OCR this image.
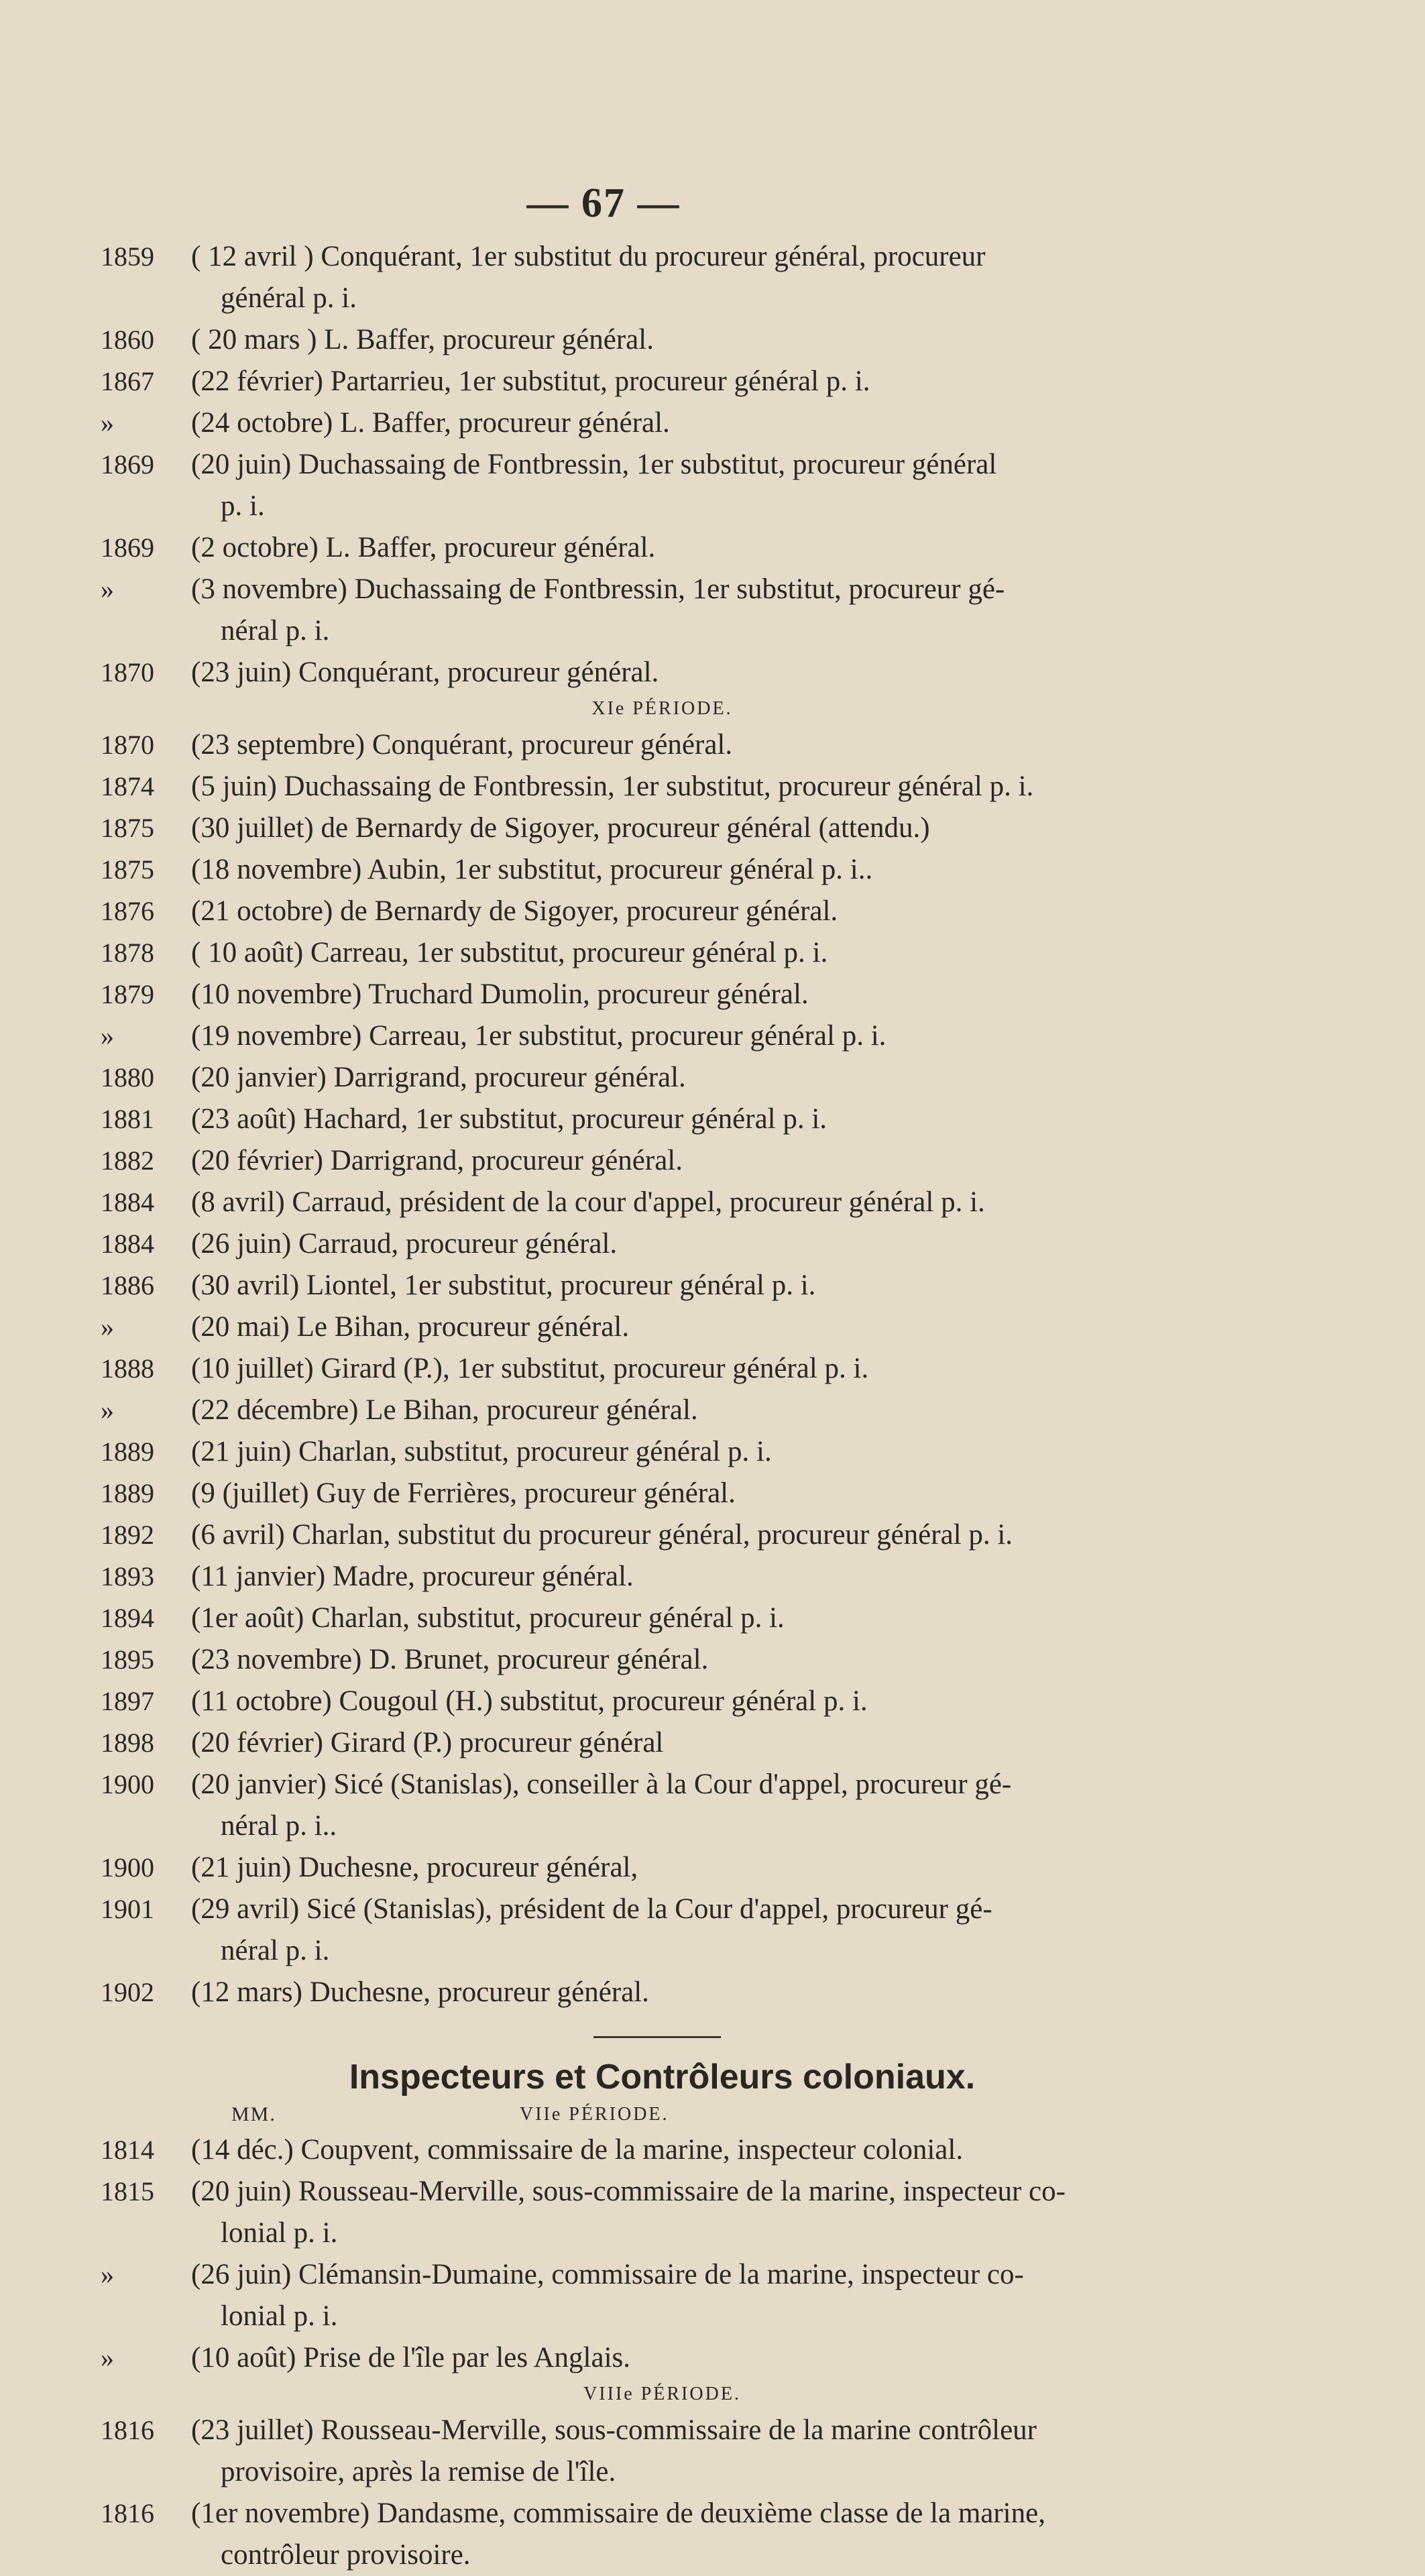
— 67 —
1859	( 12 avril ) Conquérant, 1er substitut du procureur général, procureur
général p. i.
1860	( 20 mars ) L. Baffer, procureur général.
1867	(22 février) Partarrieu, 1er substitut, procureur général p. i.
»	(24 octobre) L. Baffer, procureur général.
1869	(20 juin) Duchassaing de Fontbressin, 1er substitut, procureur général
p. i.
1869	(2 octobre) L. Baffer, procureur général.
»	(3 novembre) Duchassaing de Fontbressin, 1er substitut, procureur gé-
néral p. i.
1870	(23 juin) Conquérant, procureur général.
XIe PÉRIODE.
1870	(23 septembre) Conquérant, procureur général.
1874	(5 juin) Duchassaing de Fontbressin, 1er substitut, procureur général p. i.
1875	(30 juillet) de Bernardy de Sigoyer, procureur général (attendu.)
1875	(18 novembre) Aubin, 1er substitut, procureur général p. i..
1876	(21 octobre) de Bernardy de Sigoyer, procureur général.
1878	( 10 août) Carreau, 1er substitut, procureur général p. i.
1879	(10 novembre) Truchard Dumolin, procureur général.
»	(19 novembre) Carreau, 1er substitut, procureur général p. i.
1880	(20 janvier) Darrigrand, procureur général.
1881	(23 août) Hachard, 1er substitut, procureur général p. i.
1882	(20 février) Darrigrand, procureur général.
1884	(8 avril) Carraud, président de la cour d'appel, procureur général p. i.
1884	(26 juin) Carraud, procureur général.
1886	(30 avril) Liontel, 1er substitut, procureur général p. i.
»	(20 mai) Le Bihan, procureur général.
1888	(10 juillet) Girard (P.), 1er substitut, procureur général p. i.
»	(22 décembre) Le Bihan, procureur général.
1889	(21 juin) Charlan, substitut, procureur général p. i.
1889	(9 (juillet) Guy de Ferrières, procureur général.
1892	(6 avril) Charlan, substitut du procureur général, procureur général p. i.
1893	(11 janvier) Madre, procureur général.
1894	(1er août) Charlan, substitut, procureur général p. i.
1895	(23 novembre) D. Brunet, procureur général.
1897	(11 octobre) Cougoul (H.) substitut, procureur général p. i.
1898	(20 février) Girard (P.) procureur général
1900	(20 janvier) Sicé (Stanislas), conseiller à la Cour d'appel, procureur gé-
néral p. i..
1900	(21 juin) Duchesne, procureur général,
1901	(29 avril) Sicé (Stanislas), président de la Cour d'appel, procureur gé-
néral p. i.
1902	(12 mars) Duchesne, procureur général.
Inspecteurs et Contrôleurs coloniaux.
MM.	VIIe PÉRIODE.
1814	(14 déc.) Coupvent, commissaire de la marine, inspecteur colonial.
1815	(20 juin) Rousseau-Merville, sous-commissaire de la marine, inspecteur co-
lonial p. i.
»	(26 juin) Clémansin-Dumaine, commissaire de la marine, inspecteur co-
lonial p. i.
»	(10 août) Prise de l'île par les Anglais.
VIIIe PÉRIODE.
1816	(23 juillet) Rousseau-Merville, sous-commissaire de la marine contrôleur
provisoire, après la remise de l'île.
1816	(1er novembre) Dandasme, commissaire de deuxième classe de la marine,
contrôleur provisoire.
